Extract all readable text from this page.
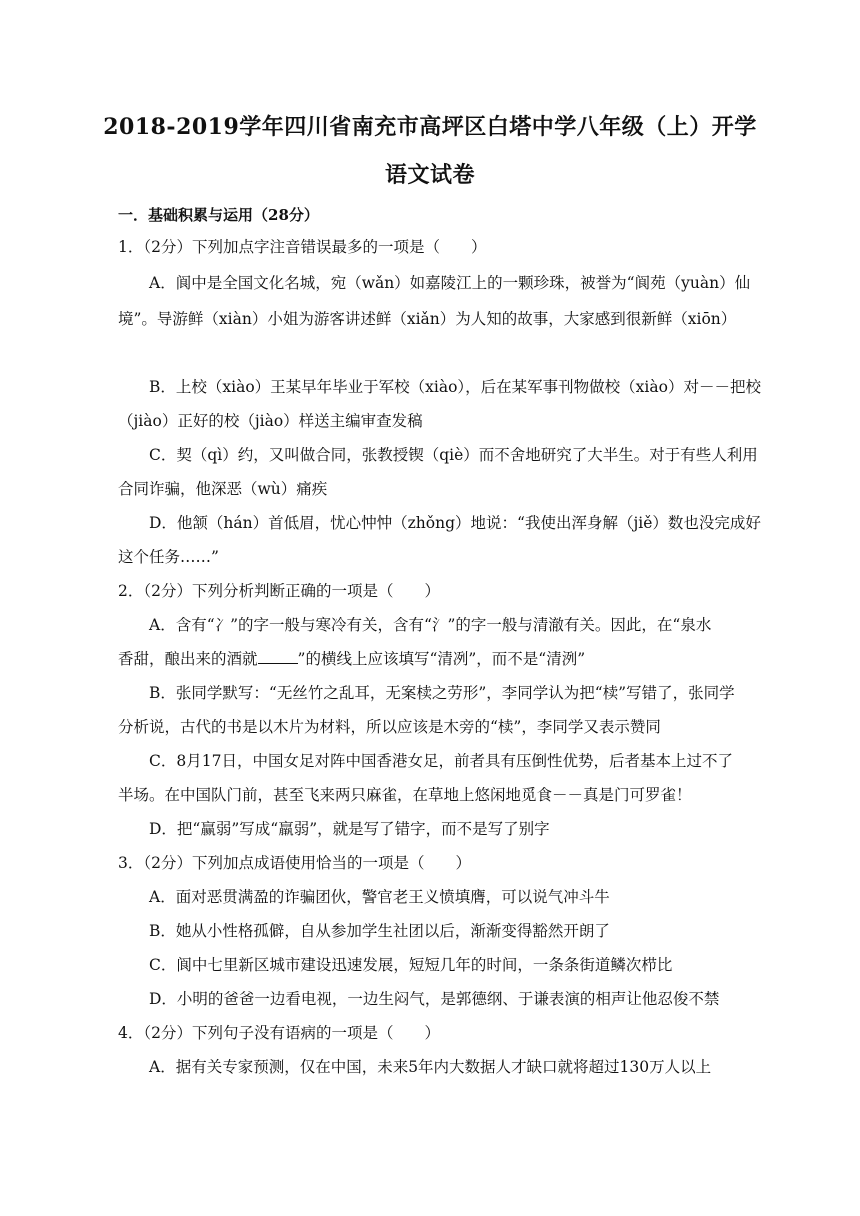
2018-2019学年四川省南充市高坪区白塔中学八年级（上）开学
语文试卷
一．基础积累与运用（28分）
1．（2分）下列加点字注音错误最多的一项是（　　）
A．阆中是全国文化名城，宛（wǎn）如嘉陵江上的一颗珍珠，被誉为“阆苑（yuàn）仙
境”。导游鲜（xiàn）小姐为游客讲述鲜（xiǎn）为人知的故事，大家感到很新鲜（xiōn）
B．上校（xiào）王某早年毕业于军校（xiào），后在某军事刊物做校（xiào）对－－把校
（jiào）正好的校（jiào）样送主编审查发稿
C．契（qì）约，又叫做合同，张教授锲（qiè）而不舍地研究了大半生。对于有些人利用
合同诈骗，他深恶（wù）痛疾
D．他颔（hán）首低眉，忧心忡忡（zhǒng）地说：“我使出浑身解（jiě）数也没完成好
这个任务……”
2．（2分）下列分析判断正确的一项是（　　）
A．含有“冫”的字一般与寒冷有关，含有“氵”的字一般与清澈有关。因此，在“泉水
香甜，酿出来的酒就	”的横线上应该填写“清冽”，而不是“清洌”
B．张同学默写：“无丝竹之乱耳，无案椟之劳形”，李同学认为把“椟”写错了，张同学
分析说，古代的书是以木片为材料，所以应该是木旁的“椟”，李同学又表示赞同
C．8月17日，中国女足对阵中国香港女足，前者具有压倒性优势，后者基本上过不了
半场。在中国队门前，甚至飞来两只麻雀，在草地上悠闲地觅食－－真是门可罗雀！
D．把“赢弱”写成“羸弱”，就是写了错字，而不是写了别字
3．（2分）下列加点成语使用恰当的一项是（　　）
A．面对恶贯满盈的诈骗团伙，警官老王义愤填膺，可以说气冲斗牛
B．她从小性格孤僻，自从参加学生社团以后，渐渐变得豁然开朗了
C．阆中七里新区城市建设迅速发展，短短几年的时间，一条条街道鳞次栉比
D．小明的爸爸一边看电视，一边生闷气，是郭德纲、于谦表演的相声让他忍俊不禁
4．（2分）下列句子没有语病的一项是（　　）
A．据有关专家预测，仅在中国，未来5年内大数据人才缺口就将超过130万人以上
